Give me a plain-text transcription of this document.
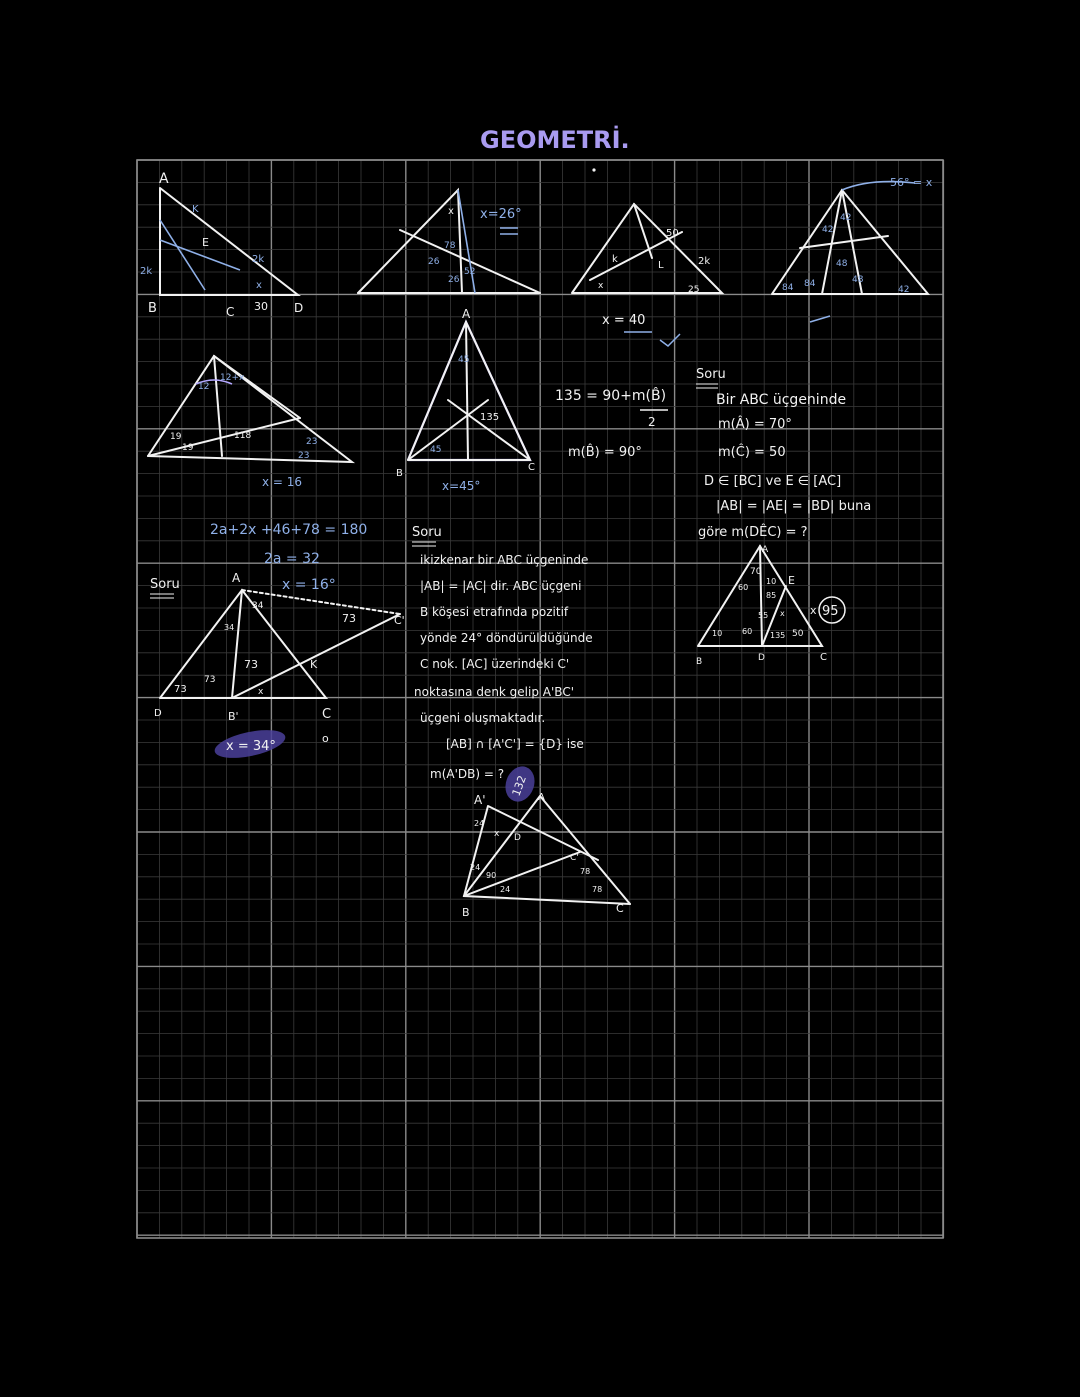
GEOMETRİ.
A
B	C	D
E
K
2k
2k
x
30
x=26°
78
26
52
26
x
k
L
50
2k
25
x
x = 40
56° = x
42
42
48
48
84 84
42
12
12+x
19
19
118
23
23
x = 16
A
B
C
45
135
45
x=45°
135 = 90+m(B̂)
2
m(B̂) = 90°
Soru
Bir ABC üçgeninde
m(Â) = 70°
m(Ĉ) = 50
D ∈ [BC] ve E ∈ [AC]
|AB| = |AE| = |BD| buna
göre m(DÊC) = ?
A
B	C
D
E
70
60
10
85
55 x
135 50
10 60
x 95
2a+2x +46+78 = 180
2a = 32
x = 16°
Soru	A
D	B'	C
o
C'
K
73
73
73
73
34
34
x
x = 34°
Soru
ikizkenar bir ABC üçgeninde
|AB| = |AC| dir. ABC üçgeni
B köşesi etrafında pozitif
yönde 24° döndürüldüğünde
C nok. [AC] üzerindeki C'
noktasına denk gelip A'BC'
üçgeni oluşmaktadır.
[AB] ∩ [A'C'] = {D} ise
m(A'DB) = ? 132
A'	A
B	C
C'
D
24
24
90
24
78
78
x
